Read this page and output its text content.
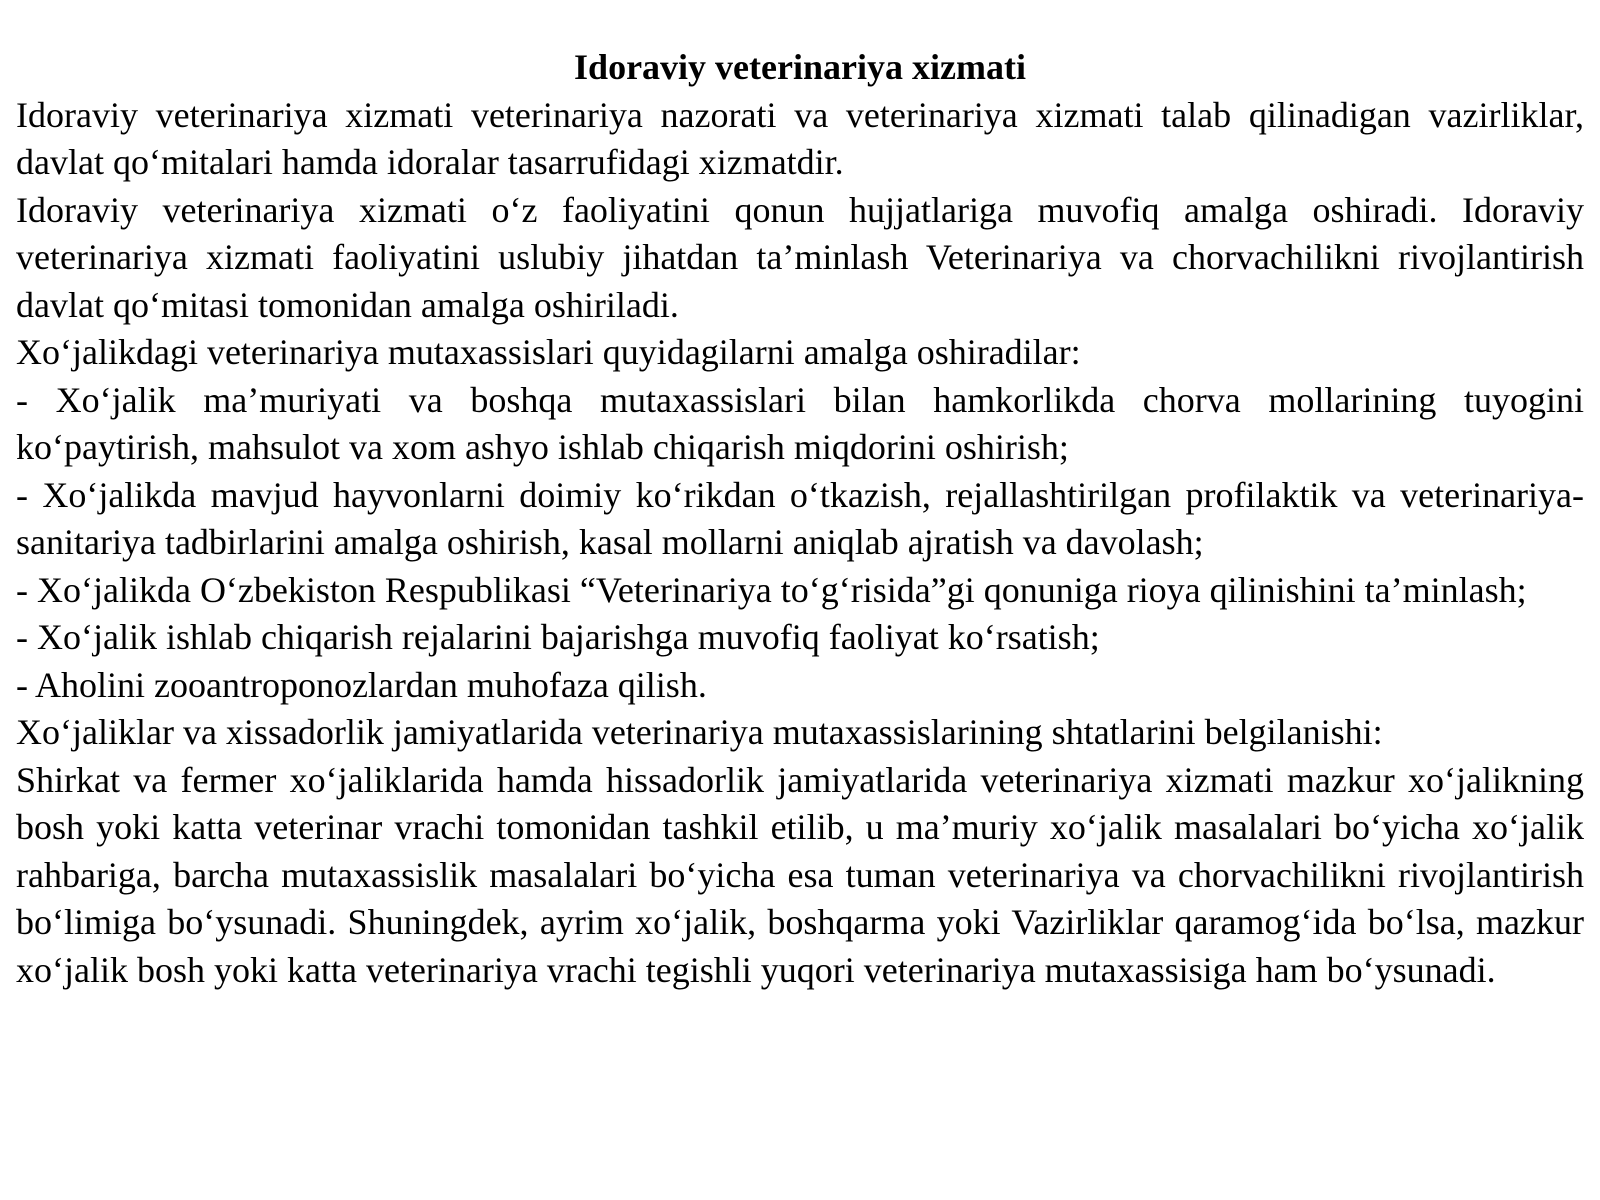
Idoraviy veterinariya xizmati

Idoraviy veterinariya xizmati veterinariya nazorati va veterinariya xizmati talab qilinadigan vazirliklar, davlat qo‘mitalari hamda idoralar tasarrufidagi xizmatdir.

Idoraviy veterinariya xizmati o‘z faoliyatini qonun hujjatlariga muvofiq amalga oshiradi. Idoraviy veterinariya xizmati faoliyatini uslubiy jihatdan ta’minlash Veterinariya va chorvachilikni rivojlantirish davlat qo‘mitasi tomonidan amalga oshiriladi.

Xo‘jalikdagi veterinariya mutaxassislari quyidagilarni amalga oshiradilar:

- Xo‘jalik ma’muriyati va boshqa mutaxassislari bilan hamkorlikda chorva mollarining tuyogini ko‘paytirish, mahsulot va xom ashyo ishlab chiqarish miqdorini oshirish;

- Xo‘jalikda mavjud hayvonlarni doimiy ko‘rikdan o‘tkazish, rejallashtirilgan profilaktik va veterinariya-sanitariya tadbirlarini amalga oshirish, kasal mollarni aniqlab ajratish va davolash;

- Xo‘jalikda O‘zbekiston Respublikasi “Veterinariya to‘g‘risida”gi qonuniga rioya qilinishini ta’minlash;

- Xo‘jalik ishlab chiqarish rejalarini bajarishga muvofiq faoliyat ko‘rsatish;

- Aholini zooantroponozlardan muhofaza qilish.

Xo‘jaliklar va xissadorlik jamiyatlarida veterinariya mutaxassislarining shtatlarini belgilanishi:

Shirkat va fermer xo‘jaliklarida hamda hissadorlik jamiyatlarida veterinariya xizmati mazkur xo‘jalikning bosh yoki katta veterinar vrachi tomonidan tashkil etilib, u ma’muriy xo‘jalik masalalari bo‘yicha xo‘jalik rahbariga, barcha mutaxassislik masalalari bo‘yicha esa tuman veterinariya va chorvachilikni rivojlantirish bo‘limiga bo‘ysunadi. Shuningdek, ayrim xo‘jalik, boshqarma yoki Vazirliklar qaramog‘ida bo‘lsa, mazkur xo‘jalik bosh yoki katta veterinariya vrachi tegishli yuqori veterinariya mutaxassisiga ham bo‘ysunadi.
